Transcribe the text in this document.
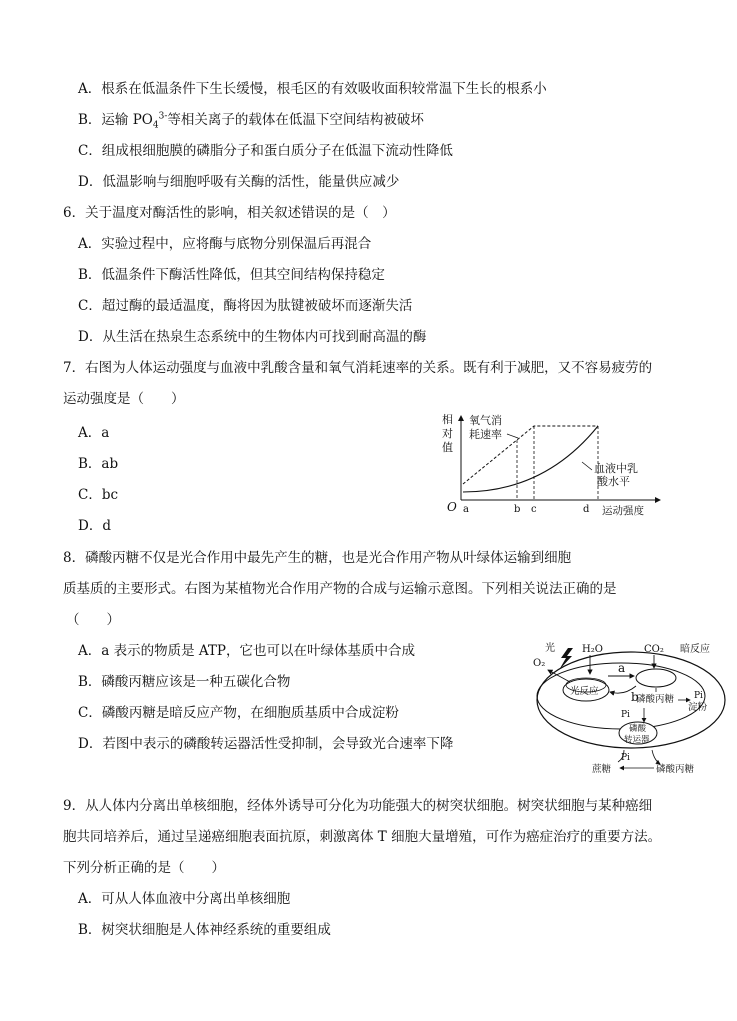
A．根系在低温条件下生长缓慢，根毛区的有效吸收面积较常温下生长的根系小
B．运输 $PO_4^{3-}$等相关离子的载体在低温下空间结构被破坏
C．组成根细胞膜的磷脂分子和蛋白质分子在低温下流动性降低
D．低温影响与细胞呼吸有关酶的活性，能量供应减少
6．关于温度对酶活性的影响，相关叙述错误的是（　）
A．实验过程中，应将酶与底物分别保温后再混合
B．低温条件下酶活性降低，但其空间结构保持稳定
C．超过酶的最适温度，酶将因为肽键被破坏而逐渐失活
D．从生活在热泉生态系统中的生物体内可找到耐高温的酶
7．右图为人体运动强度与血液中乳酸含量和氧气消耗速率的关系。既有利于减肥，又不容易疲劳的
运动强度是（　　）
A．a
B．ab
C．bc
D．d
相
对
值
O a	b c	d 运动强度
氧气消
耗速率
血液中乳
酸水平
8．磷酸丙糖不仅是光合作用中最先产生的糖，也是光合作用产物从叶绿体运输到细胞
质基质的主要形式。右图为某植物光合作用产物的合成与运输示意图。下列相关说法正确的是
（　　）
A．a 表示的物质是 ATP，它也可以在叶绿体基质中合成
B．磷酸丙糖应该是一种五碳化合物
C．磷酸丙糖是暗反应产物，在细胞质基质中合成淀粉
D．若图中表示的磷酸转运器活性受抑制，会导致光合速率下降
光反应
光	H₂O
O₂
CO₂ 暗反应
a
b
磷酸丙糖 Pi
淀粉
Pi
磷酸
转运器
Pi
蔗糖	磷酸丙糖
9．从人体内分离出单核细胞，经体外诱导可分化为功能强大的树突状细胞。树突状细胞与某种癌细
胞共同培养后，通过呈递癌细胞表面抗原，刺激离体 T 细胞大量增殖，可作为癌症治疗的重要方法。
下列分析正确的是（　　）
A．可从人体血液中分离出单核细胞
B．树突状细胞是人体神经系统的重要组成
